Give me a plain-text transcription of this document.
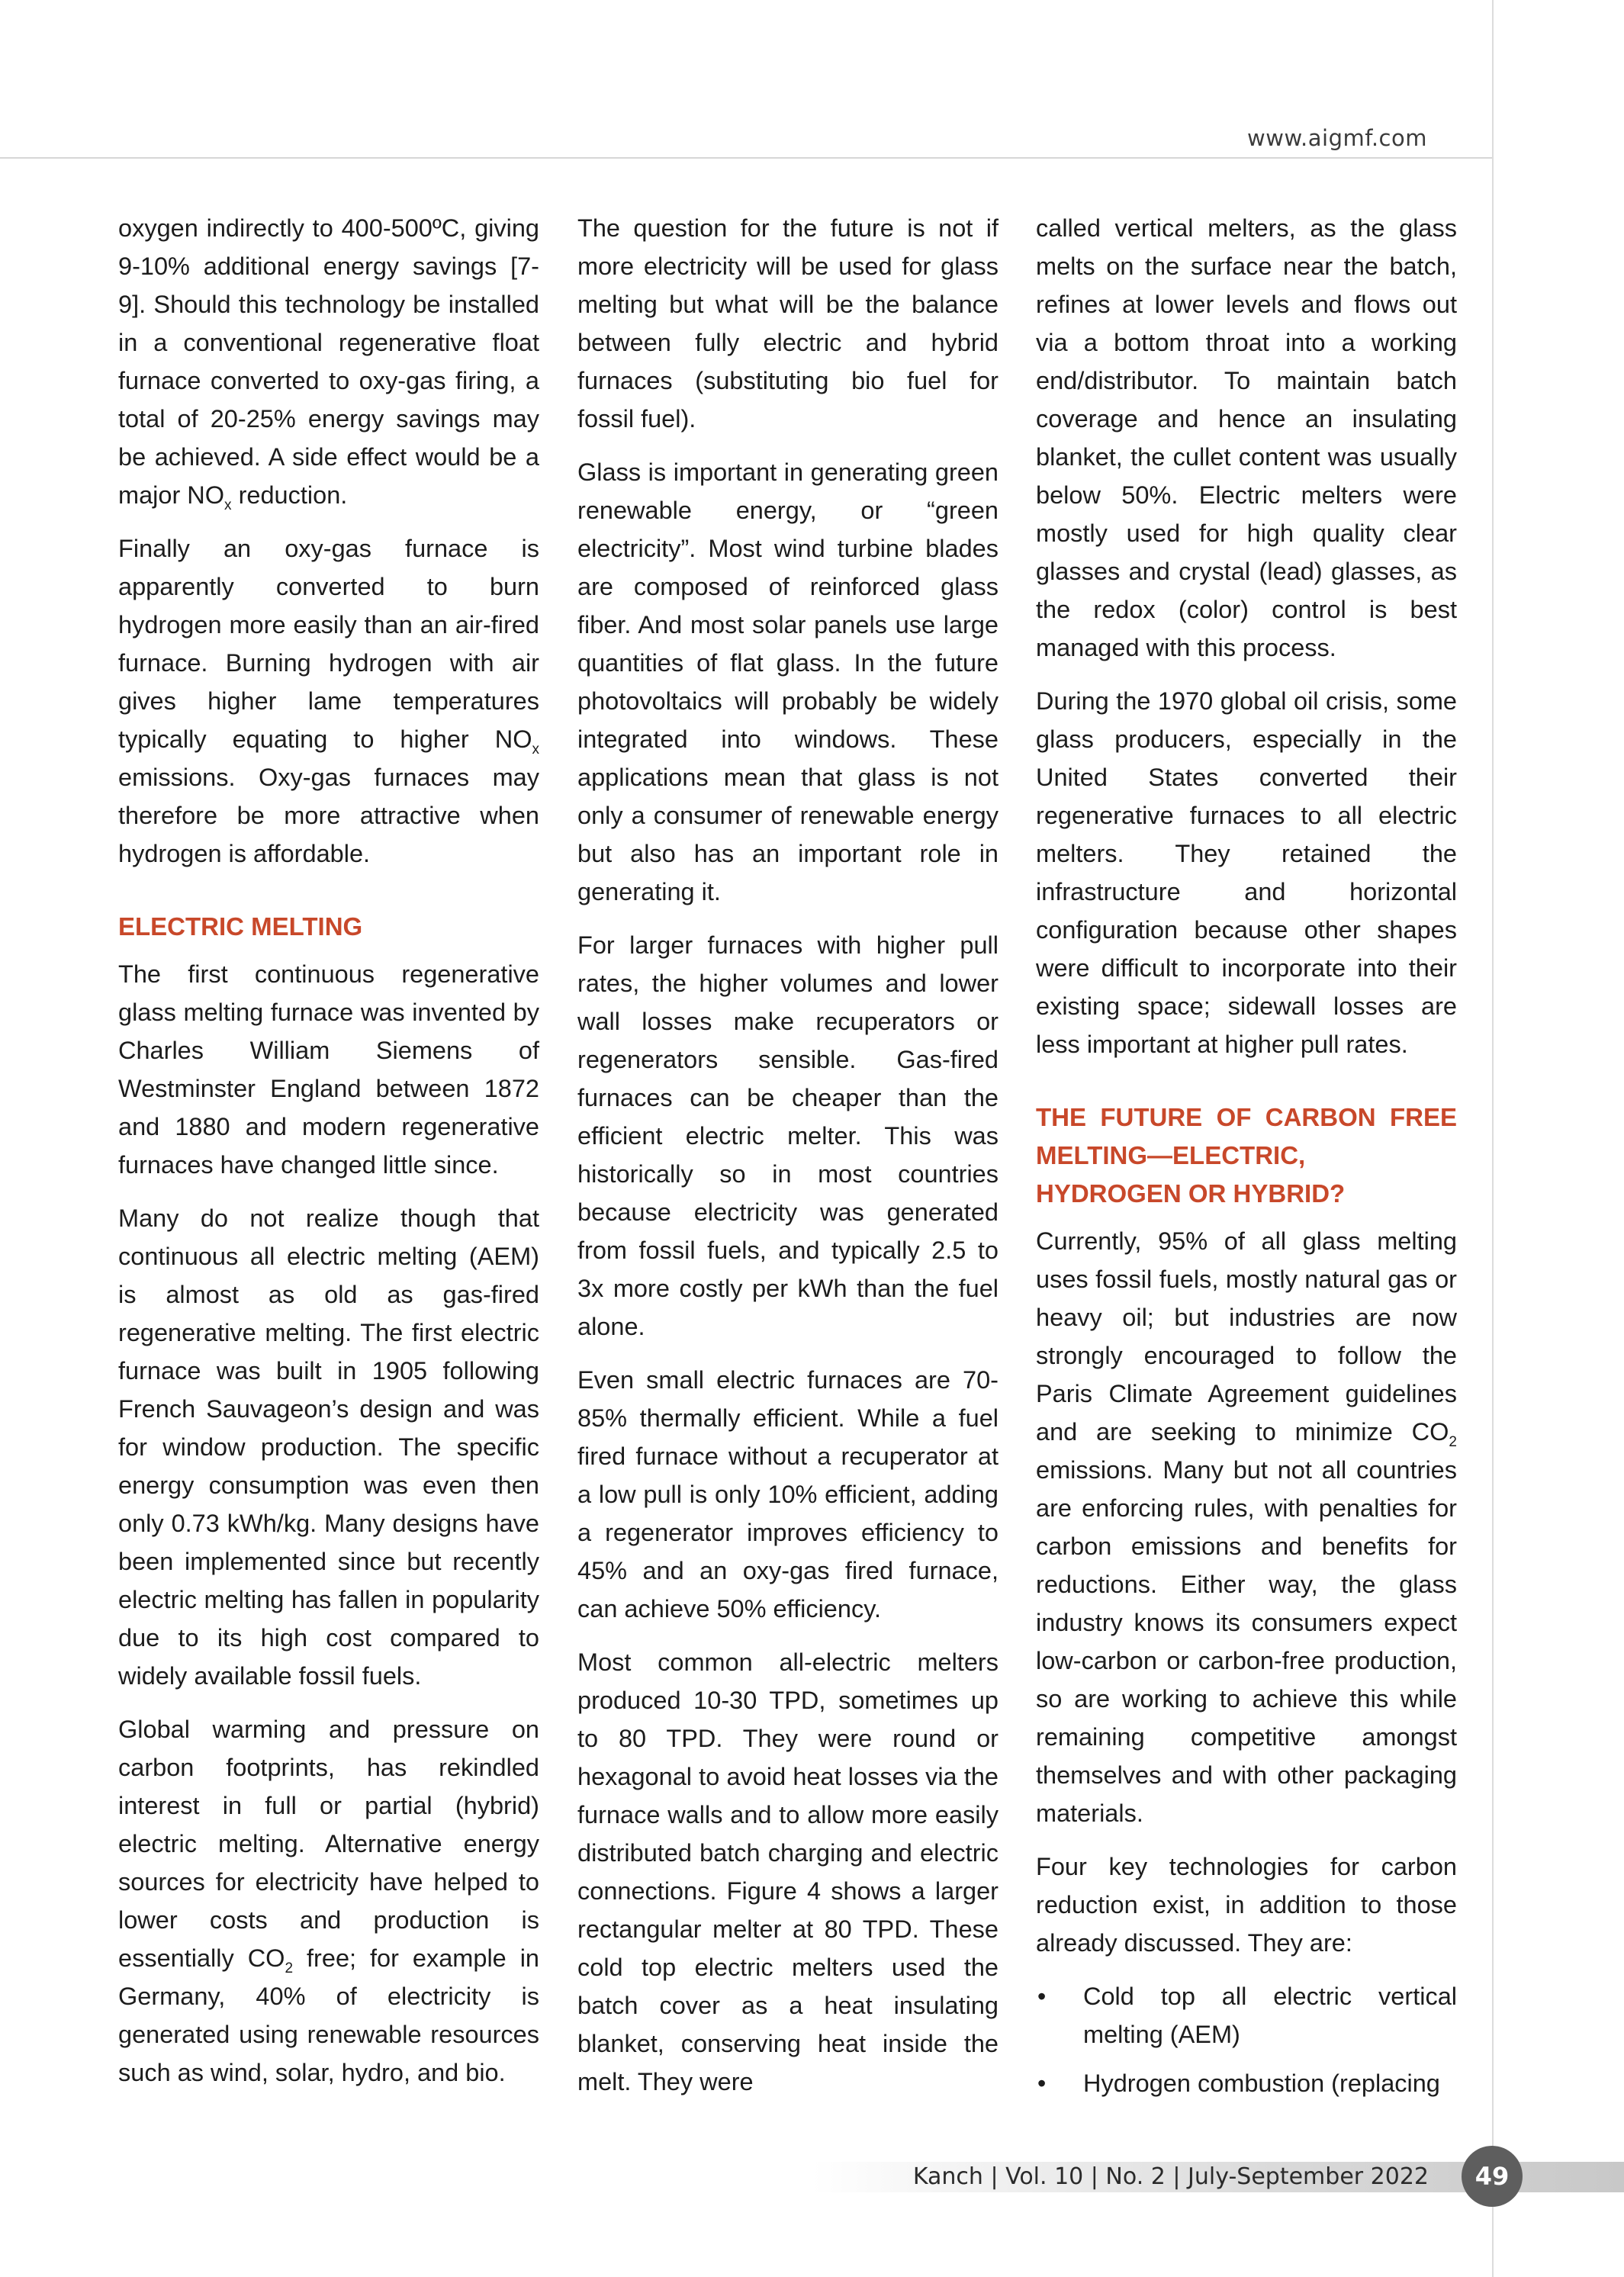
www.aigmf.com

oxygen indirectly to 400-500ºC, giving 9-10% additional energy savings [7-9]. Should this technology be installed in a conventional regenerative float furnace converted to oxy-gas firing, a total of 20-25% energy savings may be achieved. A side effect would be a major $NO_x$ reduction.

Finally an oxy-gas furnace is apparently converted to burn hydrogen more easily than an air-fired furnace. Burning hydrogen with air gives higher lame temperatures typically equating to higher $NO_x$ emissions. Oxy-gas furnaces may therefore be more attractive when hydrogen is affordable.

ELECTRIC MELTING

The first continuous regenerative glass melting furnace was invented by Charles William Siemens of Westminster England between 1872 and 1880 and modern regenerative furnaces have changed little since.

Many do not realize though that continuous all electric melting (AEM) is almost as old as gas-fired regenerative melting. The first electric furnace was built in 1905 following French Sauvageon’s design and was for window production. The specific energy consumption was even then only 0.73 kWh/kg. Many designs have been implemented since but recently electric melting has fallen in popularity due to its high cost compared to widely available fossil fuels.

Global warming and pressure on carbon footprints, has rekindled interest in full or partial (hybrid) electric melting. Alternative energy sources for electricity have helped to lower costs and production is essentially $CO_2$ free; for example in Germany, 40% of electricity is generated using renewable resources such as wind, solar, hydro, and bio.

The question for the future is not if more electricity will be used for glass melting but what will be the balance between fully electric and hybrid furnaces (substituting bio fuel for fossil fuel).

Glass is important in generating green renewable energy, or “green electricity”. Most wind turbine blades are composed of reinforced glass fiber. And most solar panels use large quantities of flat glass. In the future photovoltaics will probably be widely integrated into windows. These applications mean that glass is not only a consumer of renewable energy but also has an important role in generating it.

For larger furnaces with higher pull rates, the higher volumes and lower wall losses make recuperators or regenerators sensible. Gas-fired furnaces can be cheaper than the efficient electric melter. This was historically so in most countries because electricity was generated from fossil fuels, and typically 2.5 to 3x more costly per kWh than the fuel alone.

Even small electric furnaces are 70-85% thermally efficient. While a fuel fired furnace without a recuperator at a low pull is only 10% efficient, adding a regenerator improves efficiency to 45% and an oxy-gas fired furnace, can achieve 50% efficiency.

Most common all-electric melters produced 10-30 TPD, sometimes up to 80 TPD. They were round or hexagonal to avoid heat losses via the furnace walls and to allow more easily distributed batch charging and electric connections. Figure 4 shows a larger rectangular melter at 80 TPD. These cold top electric melters used the batch cover as a heat insulating blanket, conserving heat inside the melt. They were

called vertical melters, as the glass melts on the surface near the batch, refines at lower levels and flows out via a bottom throat into a working end/distributor. To maintain batch coverage and hence an insulating blanket, the cullet content was usually below 50%. Electric melters were mostly used for high quality clear glasses and crystal (lead) glasses, as the redox (color) control is best managed with this process.

During the 1970 global oil crisis, some glass producers, especially in the United States converted their regenerative furnaces to all electric melters. They retained the infrastructure and horizontal configuration because other shapes were difficult to incorporate into their existing space; sidewall losses are less important at higher pull rates.

THE FUTURE OF CARBON FREE MELTING—ELECTRIC, HYDROGEN OR HYBRID?

Currently, 95% of all glass melting uses fossil fuels, mostly natural gas or heavy oil; but industries are now strongly encouraged to follow the Paris Climate Agreement guidelines and are seeking to minimize $CO_2$ emissions. Many but not all countries are enforcing rules, with penalties for carbon emissions and benefits for reductions. Either way, the glass industry knows its consumers expect low-carbon or carbon-free production, so are working to achieve this while remaining competitive amongst themselves and with other packaging materials.

Four key technologies for carbon reduction exist, in addition to those already discussed. They are:

• Cold top all electric vertical melting (AEM)
• Hydrogen combustion (replacing
Kanch | Vol. 10 | No. 2 | July-September 2022	49
